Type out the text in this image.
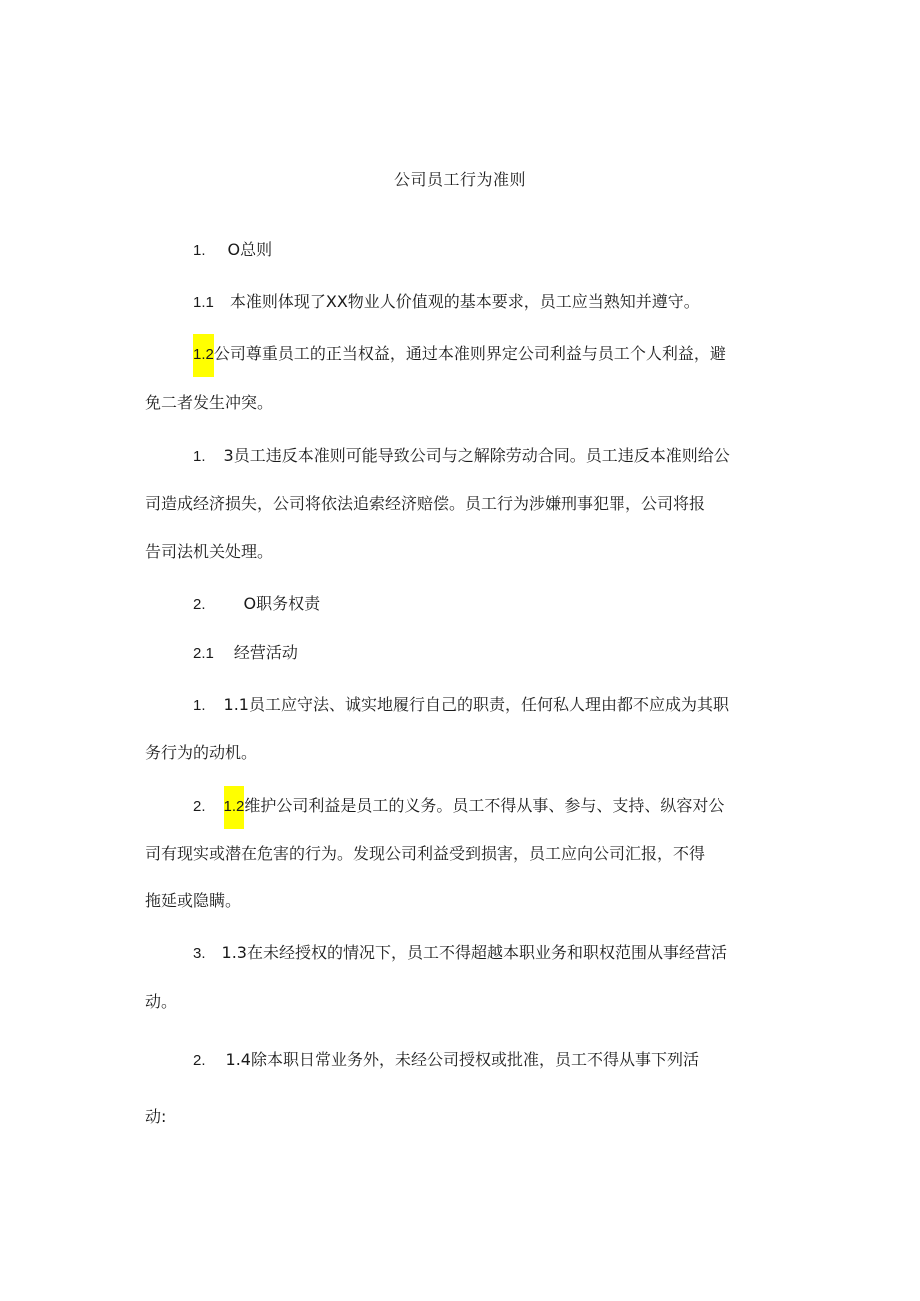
公司员工行为准则
1. O总则
1.1 本准则体现了XX物业人价值观的基本要求，员工应当熟知并遵守。
1.2公司尊重员工的正当权益，通过本准则界定公司利益与员工个人利益，避
免二者发生冲突。
1. 3员工违反本准则可能导致公司与之解除劳动合同。员工违反本准则给公
司造成经济损失，公司将依法追索经济赔偿。员工行为涉嫌刑事犯罪，公司将报
告司法机关处理。
2. O职务权责
2.1 经营活动
1. 1.1员工应守法、诚实地履行自己的职责，任何私人理由都不应成为其职
务行为的动机。
2. 1.2维护公司利益是员工的义务。员工不得从事、参与、支持、纵容对公
司有现实或潜在危害的行为。发现公司利益受到损害，员工应向公司汇报，不得
拖延或隐瞒。
3. 1.3在未经授权的情况下，员工不得超越本职业务和职权范围从事经营活
动。
2. 1.4除本职日常业务外，未经公司授权或批准，员工不得从事下列活
动:
